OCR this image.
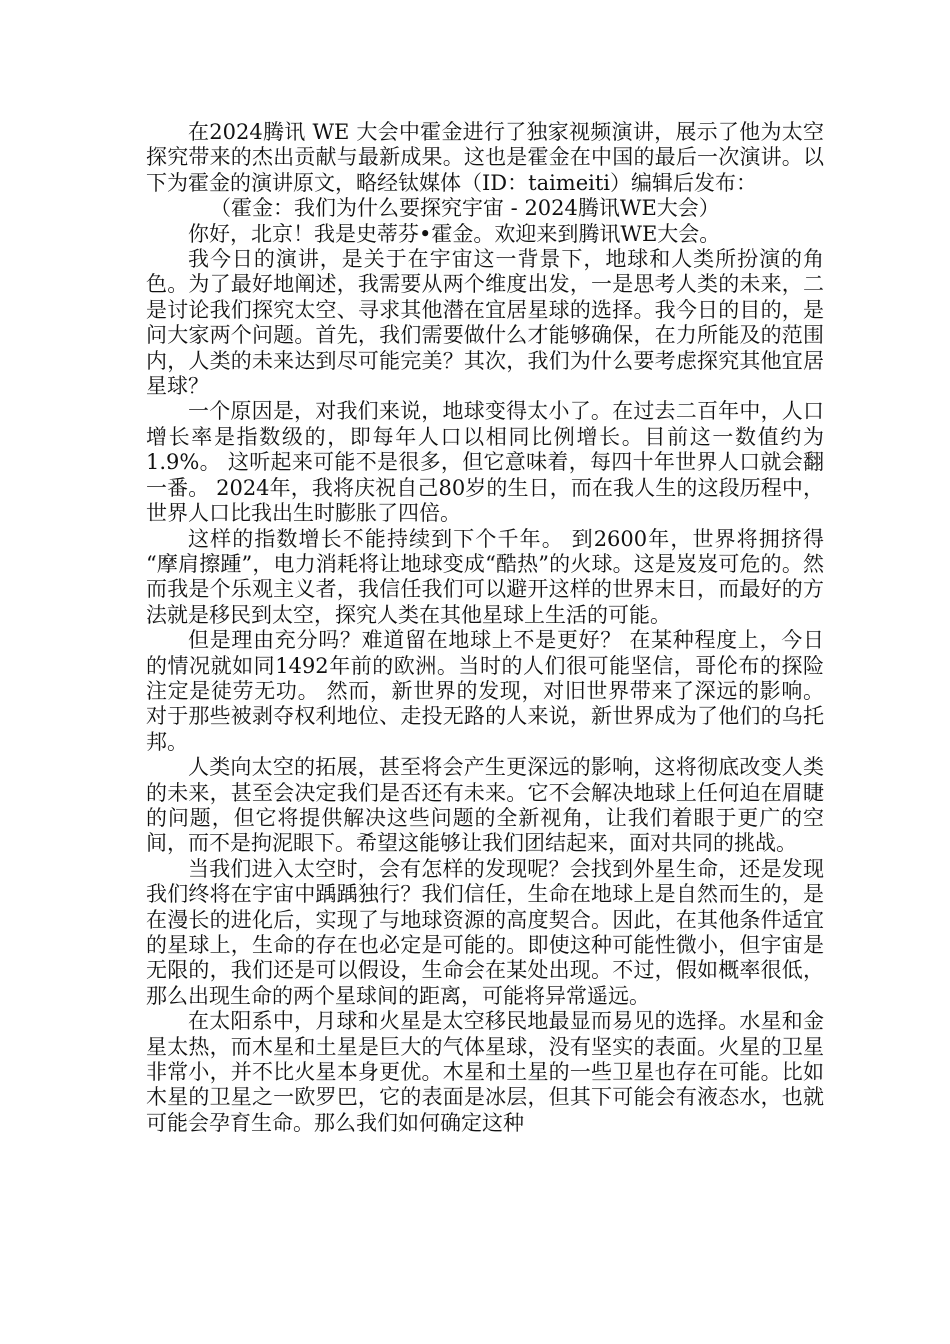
在2024腾讯 WE 大会中霍金进行了独家视频演讲，展示了他为太空探究带来的杰出贡献与最新成果。这也是霍金在中国的最后一次演讲。以下为霍金的演讲原文，略经钛媒体（ID：taimeiti）编辑后发布：

（霍金：我们为什么要探究宇宙 - 2024腾讯WE大会）

你好，北京！我是史蒂芬•霍金。欢迎来到腾讯WE大会。

我今日的演讲，是关于在宇宙这一背景下，地球和人类所扮演的角色。为了最好地阐述，我需要从两个维度出发，一是思考人类的未来，二是讨论我们探究太空、寻求其他潜在宜居星球的选择。我今日的目的，是问大家两个问题。首先，我们需要做什么才能够确保，在力所能及的范围内，人类的未来达到尽可能完美？其次，我们为什么要考虑探究其他宜居星球？

一个原因是，对我们来说，地球变得太小了。在过去二百年中，人口增长率是指数级的，即每年人口以相同比例增长。目前这一数值约为1.9%。 这听起来可能不是很多，但它意味着，每四十年世界人口就会翻一番。 2024年，我将庆祝自己80岁的生日，而在我人生的这段历程中，世界人口比我出生时膨胀了四倍。

这样的指数增长不能持续到下个千年。 到2600年，世界将拥挤得 “摩肩擦踵”，电力消耗将让地球变成“酷热”的火球。这是岌岌可危的。然而我是个乐观主义者，我信任我们可以避开这样的世界末日，而最好的方法就是移民到太空，探究人类在其他星球上生活的可能。

但是理由充分吗？难道留在地球上不是更好？ 在某种程度上，今日的情况就如同1492年前的欧洲。当时的人们很可能坚信，哥伦布的探险注定是徒劳无功。 然而，新世界的发现，对旧世界带来了深远的影响。对于那些被剥夺权利地位、走投无路的人来说，新世界成为了他们的乌托邦。

人类向太空的拓展，甚至将会产生更深远的影响，这将彻底改变人类的未来，甚至会决定我们是否还有未来。它不会解决地球上任何迫在眉睫的问题，但它将提供解决这些问题的全新视角，让我们着眼于更广的空间，而不是拘泥眼下。希望这能够让我们团结起来，面对共同的挑战。

当我们进入太空时，会有怎样的发现呢？会找到外星生命，还是发现我们终将在宇宙中踽踽独行？我们信任，生命在地球上是自然而生的，是在漫长的进化后，实现了与地球资源的高度契合。因此，在其他条件适宜的星球上，生命的存在也必定是可能的。即使这种可能性微小，但宇宙是无限的，我们还是可以假设，生命会在某处出现。不过，假如概率很低，那么出现生命的两个星球间的距离，可能将异常遥远。

在太阳系中，月球和火星是太空移民地最显而易见的选择。水星和金星太热，而木星和土星是巨大的气体星球，没有坚实的表面。火星的卫星非常小，并不比火星本身更优。木星和土星的一些卫星也存在可能。比如木星的卫星之一欧罗巴，它的表面是冰层，但其下可能会有液态水，也就可能会孕育生命。那么我们如何确定这种
